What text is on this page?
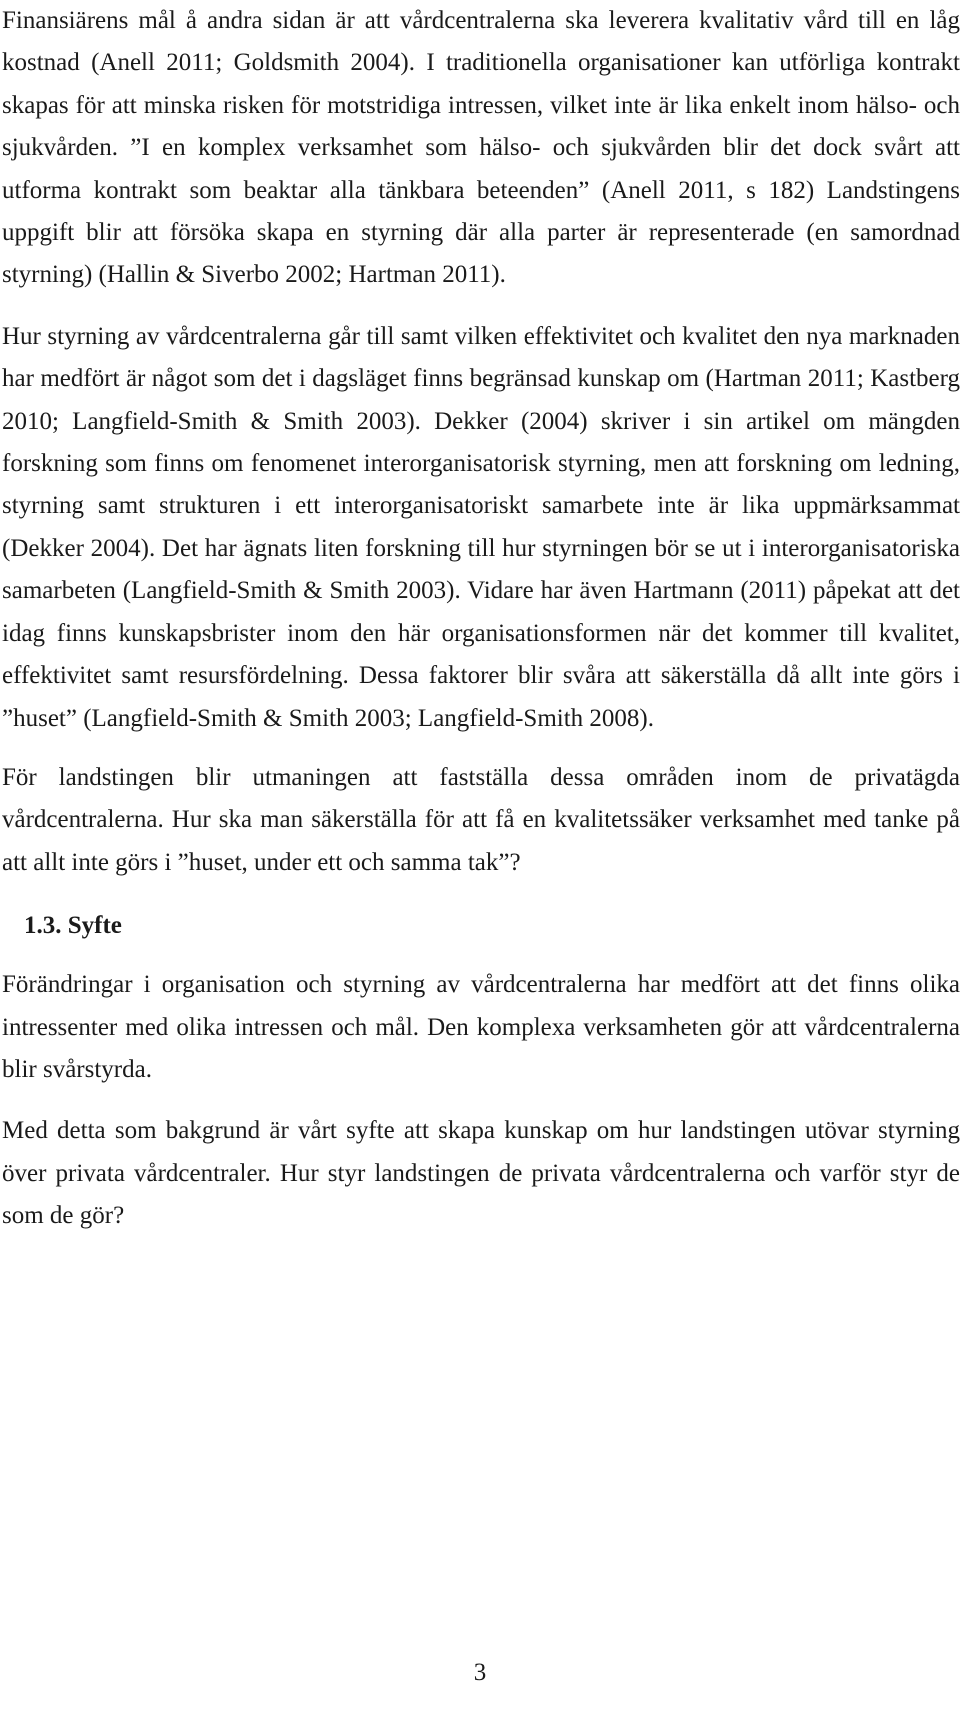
Finansiärens mål å andra sidan är att vårdcentralerna ska leverera kvalitativ vård till en låg kostnad (Anell 2011; Goldsmith 2004). I traditionella organisationer kan utförliga kontrakt skapas för att minska risken för motstridiga intressen, vilket inte är lika enkelt inom hälso- och sjukvården. ”I en komplex verksamhet som hälso- och sjukvården blir det dock svårt att utforma kontrakt som beaktar alla tänkbara beteenden” (Anell 2011, s 182) Landstingens uppgift blir att försöka skapa en styrning där alla parter är representerade (en samordnad styrning) (Hallin & Siverbo 2002; Hartman 2011).

Hur styrning av vårdcentralerna går till samt vilken effektivitet och kvalitet den nya marknaden har medfört är något som det i dagsläget finns begränsad kunskap om (Hartman 2011; Kastberg 2010; Langfield-Smith & Smith 2003). Dekker (2004) skriver i sin artikel om mängden forskning som finns om fenomenet interorganisatorisk styrning, men att forskning om ledning, styrning samt strukturen i ett interorganisatoriskt samarbete inte är lika uppmärksammat (Dekker 2004). Det har ägnats liten forskning till hur styrningen bör se ut i interorganisatoriska samarbeten (Langfield-Smith & Smith 2003). Vidare har även Hartmann (2011) påpekat att det idag finns kunskapsbrister inom den här organisationsformen när det kommer till kvalitet, effektivitet samt resursfördelning. Dessa faktorer blir svåra att säkerställa då allt inte görs i ”huset” (Langfield-Smith & Smith 2003; Langfield-Smith 2008).

För landstingen blir utmaningen att fastställa dessa områden inom de privatägda vårdcentralerna. Hur ska man säkerställa för att få en kvalitetssäker verksamhet med tanke på att allt inte görs i ”huset, under ett och samma tak”?

1.3. Syfte

Förändringar i organisation och styrning av vårdcentralerna har medfört att det finns olika intressenter med olika intressen och mål. Den komplexa verksamheten gör att vårdcentralerna blir svårstyrda.

Med detta som bakgrund är vårt syfte att skapa kunskap om hur landstingen utövar styrning över privata vårdcentraler. Hur styr landstingen de privata vårdcentralerna och varför styr de som de gör?

3
